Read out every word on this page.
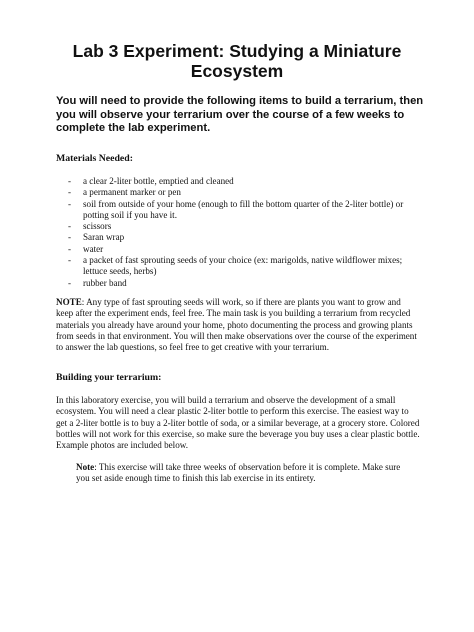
Lab 3 Experiment: Studying a Miniature Ecosystem

You will need to provide the following items to build a terrarium, then you will observe your terrarium over the course of a few weeks to complete the lab experiment.

Materials Needed:

- a clear 2-liter bottle, emptied and cleaned
- a permanent marker or pen
- soil from outside of your home (enough to fill the bottom quarter of the 2-liter bottle) or potting soil if you have it.
- scissors
- Saran wrap
- water
- a packet of fast sprouting seeds of your choice (ex: marigolds, native wildflower mixes; lettuce seeds, herbs)
- rubber band

NOTE: Any type of fast sprouting seeds will work, so if there are plants you want to grow and keep after the experiment ends, feel free. The main task is you building a terrarium from recycled materials you already have around your home, photo documenting the process and growing plants from seeds in that environment. You will then make observations over the course of the experiment to answer the lab questions, so feel free to get creative with your terrarium.

Building your terrarium:

In this laboratory exercise, you will build a terrarium and observe the development of a small ecosystem. You will need a clear plastic 2-liter bottle to perform this exercise. The easiest way to get a 2-liter bottle is to buy a 2-liter bottle of soda, or a similar beverage, at a grocery store. Colored bottles will not work for this exercise, so make sure the beverage you buy uses a clear plastic bottle. Example photos are included below.

Note: This exercise will take three weeks of observation before it is complete. Make sure you set aside enough time to finish this lab exercise in its entirety.
